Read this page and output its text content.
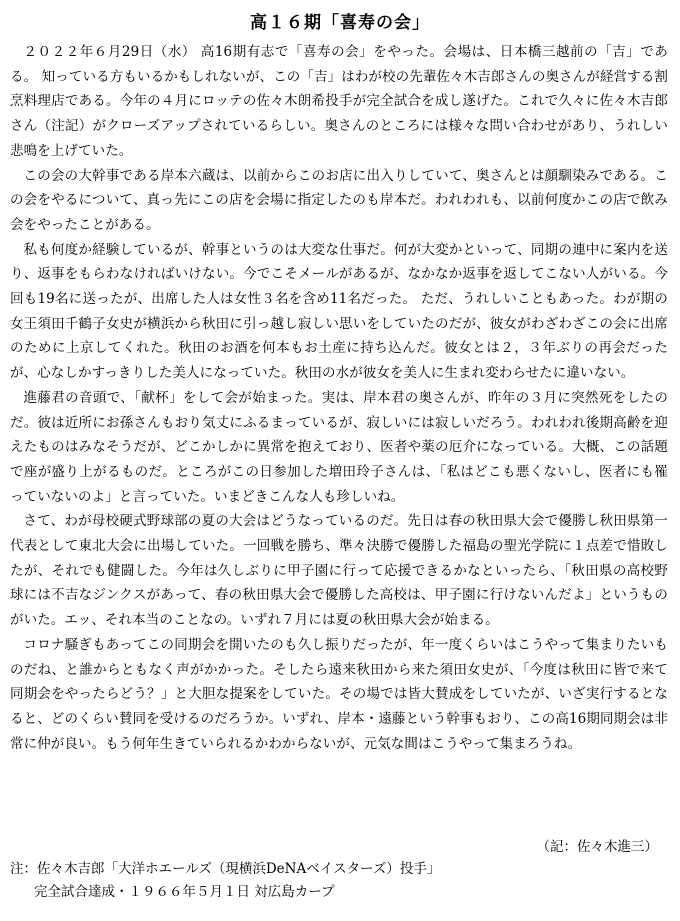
高１６期「喜寿の会」

２０２２年６月29日（水） 高16期有志で「喜寿の会」をやった。会場は、日本橋三越前の「吉」である。 知っている方もいるかもしれないが、この「吉」はわが校の先輩佐々木吉郎さんの奥さんが経営する割烹料理店である。今年の４月にロッテの佐々木朗希投手が完全試合を成し遂げた。これで久々に佐々木吉郎さん（注記）がクローズアップされているらしい。奥さんのところには様々な問い合わせがあり、うれしい悲鳴を上げていた。

この会の大幹事である岸本六蔵は、以前からこのお店に出入りしていて、奥さんとは顔馴染みである。この会をやるについて、真っ先にこの店を会場に指定したのも岸本だ。われわれも、以前何度かこの店で飲み会をやったことがある。

私も何度か経験しているが、幹事というのは大変な仕事だ。何が大変かといって、同期の連中に案内を送り、返事をもらわなければいけない。今でこそメールがあるが、なかなか返事を返してこない人がいる。今回も19名に送ったが、出席した人は女性３名を含め11名だった。 ただ、うれしいこともあった。わが期の女王須田千鶴子女史が横浜から秋田に引っ越し寂しい思いをしていたのだが、彼女がわざわざこの会に出席のために上京してくれた。秋田のお酒を何本もお土産に持ち込んだ。彼女とは２，３年ぶりの再会だったが、心なしかすっきりした美人になっていた。秋田の水が彼女を美人に生まれ変わらせたに違いない。

進藤君の音頭で、「献杯」をして会が始まった。実は、岸本君の奥さんが、昨年の３月に突然死をしたのだ。彼は近所にお孫さんもおり気丈にふるまっているが、寂しいには寂しいだろう。われわれ後期高齢を迎えたものはみなそうだが、どこかしかに異常を抱えており、医者や薬の厄介になっている。大概、この話題で座が盛り上がるものだ。ところがこの日参加した増田玲子さんは、「私はどこも悪くないし、医者にも罹っていないのよ」と言っていた。いまどきこんな人も珍しいね。

さて、わが母校硬式野球部の夏の大会はどうなっているのだ。先日は春の秋田県大会で優勝し秋田県第一代表として東北大会に出場していた。一回戦を勝ち、準々決勝で優勝した福島の聖光学院に１点差で惜敗したが、それでも健闘した。今年は久しぶりに甲子園に行って応援できるかなといったら、「秋田県の高校野球には不吉なジンクスがあって、春の秋田県大会で優勝した高校は、甲子園に行けないんだよ」というものがいた。エッ、それ本当のことなの。いずれ７月には夏の秋田県大会が始まる。

コロナ騒ぎもあってこの同期会を開いたのも久し振りだったが、年一度くらいはこうやって集まりたいものだね、と誰からともなく声がかかった。そしたら遠来秋田から来た須田女史が、「今度は秋田に皆で来て同期会をやったらどう？」と大胆な提案をしていた。その場では皆大賛成をしていたが、いざ実行するとなると、どのくらい賛同を受けるのだろうか。いずれ、岸本・遠藤という幹事もおり、この高16期同期会は非常に仲が良い。もう何年生きていられるかわからないが、元気な間はこうやって集まろうね。

（記：佐々木進三）

注：佐々木吉郎「大洋ホエールズ（現横浜DeNAベイスターズ）投手」

完全試合達成・１９６６年５月１日 対広島カープ
